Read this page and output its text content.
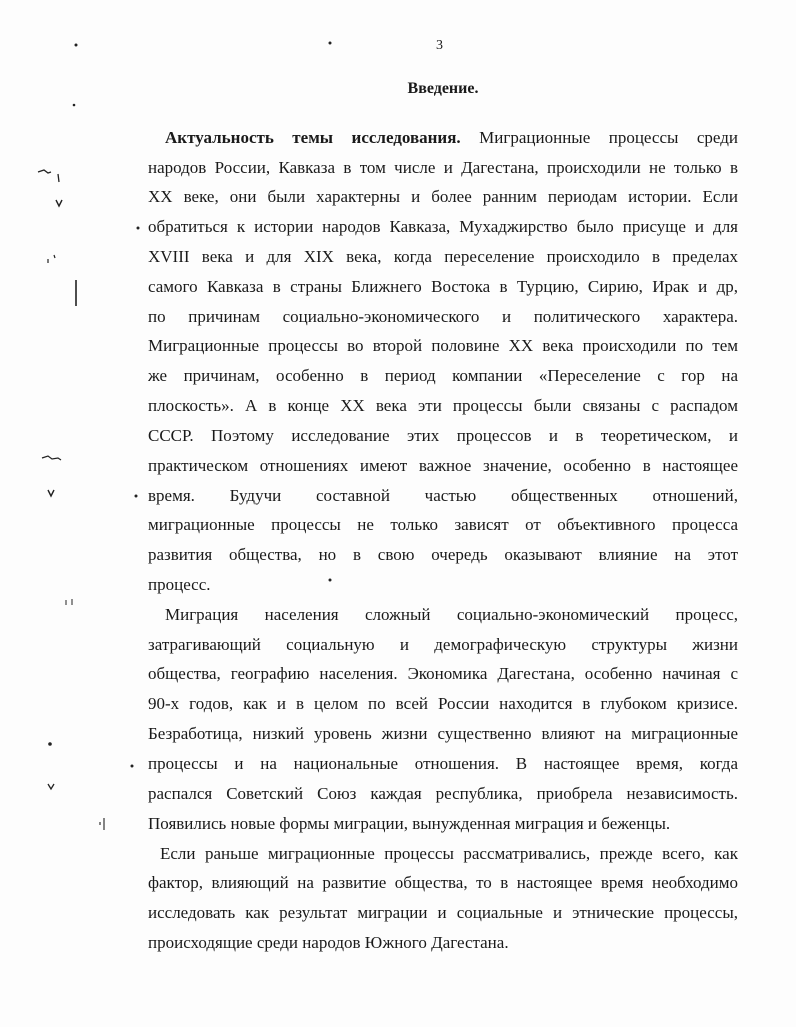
3
Введение.
Актуальность темы исследования. Миграционные процессы среди
народов России, Кавказа в том числе и Дагестана, происходили не только в
XX веке, они были характерны и более ранним периодам истории. Если
обратиться к истории народов Кавказа, Мухаджирство было присуще и для
XVIII века и для XIX века, когда переселение происходило в пределах
самого Кавказа в страны Ближнего Востока в Турцию, Сирию, Ирак и др,
по причинам социально-экономического и политического характера.
Миграционные процессы во второй половине XX века происходили по тем
же причинам, особенно в период компании «Переселение с гор на
плоскость». А в конце XX века эти процессы были связаны с распадом
СССР. Поэтому исследование этих процессов и в теоретическом, и
практическом отношениях имеют важное значение, особенно в настоящее
время. Будучи составной частью общественных отношений,
миграционные процессы не только зависят от объективного процесса
развития общества, но в свою очередь оказывают влияние на этот
процесс.
Миграция населения сложный социально-экономический процесс,
затрагивающий социальную и демографическую структуры жизни
общества, географию населения. Экономика Дагестана, особенно начиная с
90-х годов, как и в целом по всей России находится в глубоком кризисе.
Безработица, низкий уровень жизни существенно влияют на миграционные
процессы и на национальные отношения. В настоящее время, когда
распался Советский Союз каждая республика, приобрела независимость.
Появились новые формы миграции, вынужденная миграция и беженцы.
Если раньше миграционные процессы рассматривались, прежде всего, как
фактор, влияющий на развитие общества, то в настоящее время необходимо
исследовать как результат миграции и социальные и этнические процессы,
происходящие среди народов Южного Дагестана.
